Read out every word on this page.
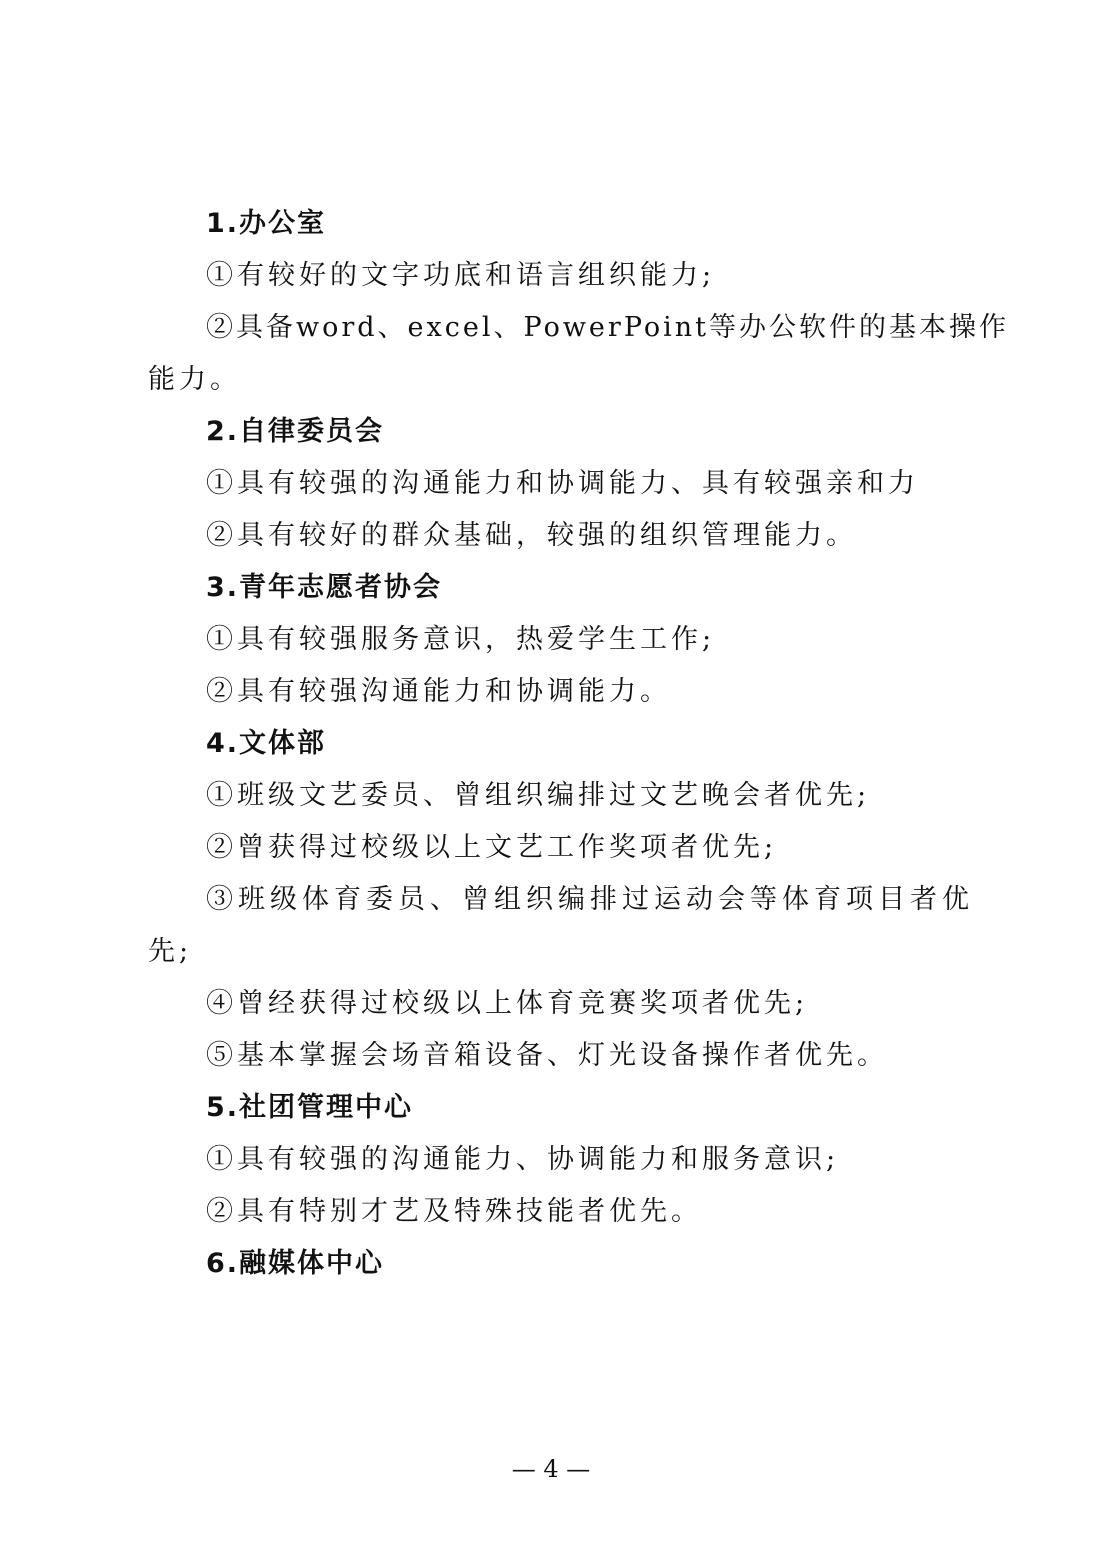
1.办公室
①有较好的文字功底和语言组织能力;
②具备word、excel、PowerPoint等办公软件的基本操作
能力。
2.自律委员会
①具有较强的沟通能力和协调能力、具有较强亲和力
②具有较好的群众基础，较强的组织管理能力。
3.青年志愿者协会
①具有较强服务意识，热爱学生工作;
②具有较强沟通能力和协调能力。
4.文体部
①班级文艺委员、曾组织编排过文艺晚会者优先;
②曾获得过校级以上文艺工作奖项者优先;
③班级体育委员、曾组织编排过运动会等体育项目者优
先;
④曾经获得过校级以上体育竞赛奖项者优先;
⑤基本掌握会场音箱设备、灯光设备操作者优先。
5.社团管理中心
①具有较强的沟通能力、协调能力和服务意识;
②具有特别才艺及特殊技能者优先。
6.融媒体中心
— 4 —
